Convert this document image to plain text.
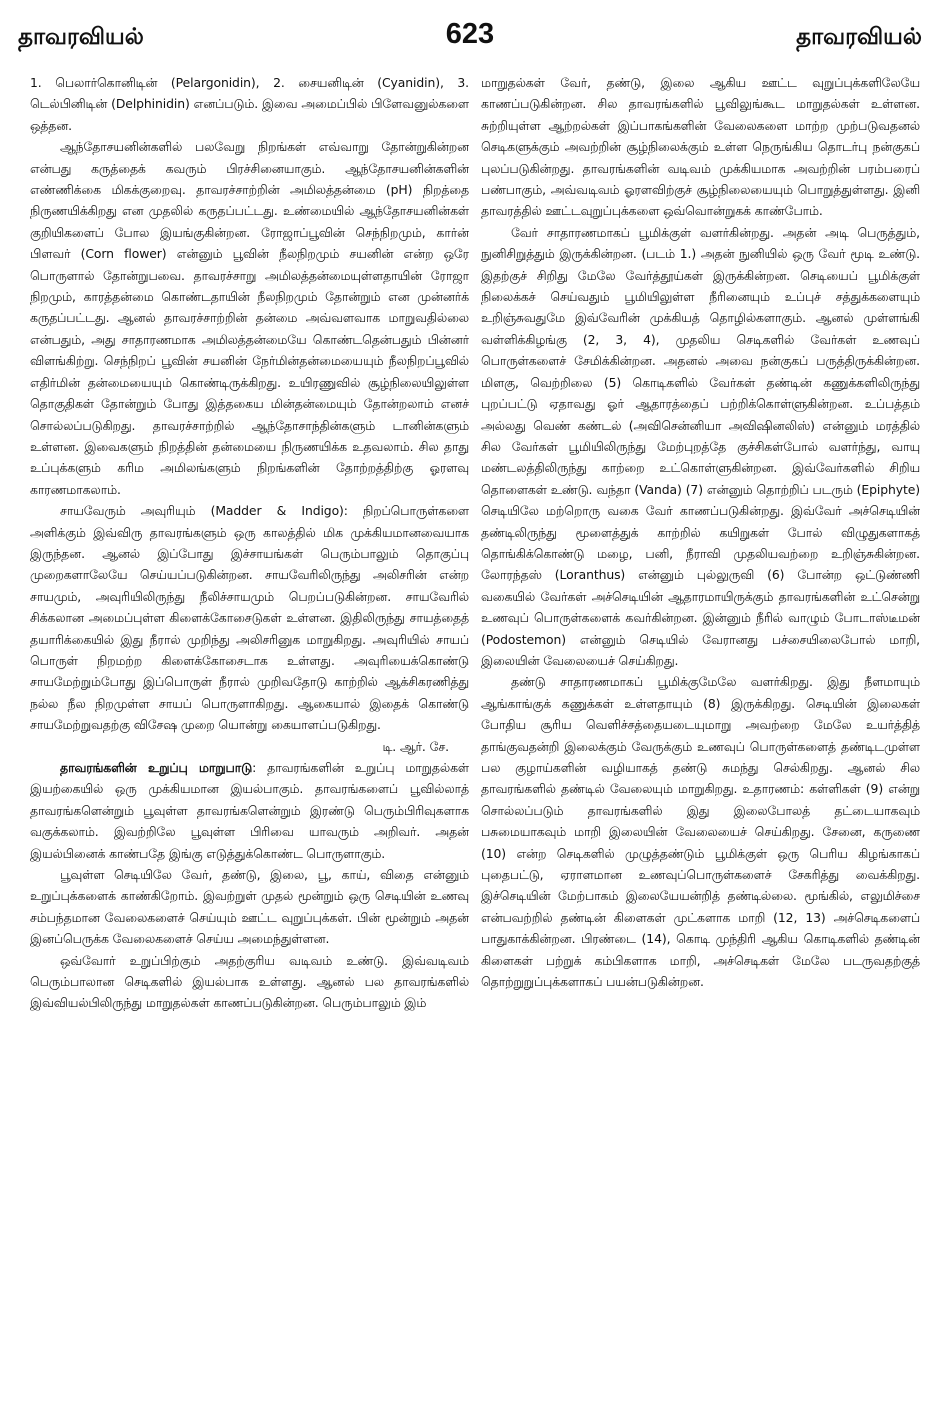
தாவரவியல்	623	தாவரவியல்

1. பெலார்கொனிடின் (Pelargonidin), 2. சையனிடின் (Cyanidin), 3. டெல்பினிடின் (Delphinidin) எனப்படும். இவை அமைப்பில் பிளேவனுல்களை ஒத்தன.

ஆந்தோசயனின்களில் பலவேறு நிறங்கள் எவ்வாறு தோன்றுகின்றன என்பது கருத்தைக் கவரும் பிரச்சினையாகும். ஆந்தோசயனின்களின் எண்ணிக்கை மிகக்குறைவு. தாவரச்சாற்றின் அமிலத்தன்மை (pH) நிறத்தை நிருணயிக்கிறது என முதலில் கருதப்பட்டது. உண்மையில் ஆந்தோசயனின்கள் குறியிகளைப் போல இயங்குகின்றன. ரோஜாப்பூவின் செந்நிறமும், கார்ன் பிளவர் (Corn flower) என்னும் பூவின் நீலநிறமும் சயனின் என்ற ஒரே பொருளால் தோன்றுபவை. தாவரச்சாறு அமிலத்தன்மையுள்ளதாயின் ரோஜா நிறமும், காரத்தன்மை கொண்டதாயின் நீலநிறமும் தோன்றும் என முன்னர்க் கருதப்பட்டது. ஆனல் தாவரச்சாற்றின் தன்மை அவ்வளவாக மாறுவதில்லை என்பதும், அது சாதாரணமாக அமிலத்தன்மையே கொண்டதென்பதும் பின்னர் விளங்கிற்று. செந்நிறப் பூவின் சயனின் நேர்மின்தன்மையையும் நீலநிறப்பூவில் எதிர்மின் தன்மையையும் கொண்டிருக்கிறது. உயிரணுவில் சூழ்நிலையிலுள்ள தொகுதிகள் தோன்றும் போது இத்தகைய மின்தன்மையும் தோன்றலாம் எனச் சொல்லப்படுகிறது. தாவரச்சாற்றில் ஆந்தோசாந்தின்களும் டானின்களும் உள்ளன. இவைகளும் நிறத்தின் தன்மையை நிருணயிக்க உதவலாம். சில தாது உப்புக்களும் கரிம அமிலங்களும் நிறங்களின் தோற்றத்திற்கு ஓரளவு காரணமாகலாம்.

சாயவேரும் அவுரியும் (Madder & Indigo): நிறப்பொருள்களை அளிக்கும் இவ்விரு தாவரங்களும் ஒரு காலத்தில் மிக முக்கியமானவையாக இருந்தன. ஆனல் இப்போது இச்சாயங்கள் பெரும்பாலும் தொகுப்பு முறைகளாலேயே செய்யப்படுகின்றன. சாயவேரிலிருந்து அலிசரின் என்ற சாயமும், அவுரியிலிருந்து நீலிச்சாயமும் பெறப்படுகின்றன. சாயவேரில் சிக்கலான அமைப்புள்ள கிளைக்கோசைடுகள் உள்ளன. இதிலிருந்து சாயத்தைத் தயாரிக்கையில் இது நீரால் முறிந்து அலிசரினுக மாறுகிறது. அவுரியில் சாயப் பொருள் நிறமற்ற கிளைக்கோசைடாக உள்ளது. அவுரியைக்கொண்டு சாயமேற்றும்போது இப்பொருள் நீரால் முறிவதோடு காற்றில் ஆக்சிகரணித்து நல்ல நீல நிறமுள்ள சாயப் பொருளாகிறது. ஆகையால் இதைக் கொண்டு சாயமேற்றுவதற்கு விசேஷ முறை யொன்று கையாளப்படுகிறது.

டி. ஆர். சே.

தாவரங்களின் உறுப்பு மாறுபாடு: தாவரங்களின் உறுப்பு மாறுதல்கள் இயற்கையில் ஒரு முக்கியமான இயல்பாகும். தாவரங்களைப் பூவில்லாத் தாவரங்களென்றும் பூவுள்ள தாவரங்களென்றும் இரண்டு பெரும்பிரிவுகளாக வகுக்கலாம். இவற்றிலே பூவுள்ள பிரிவை யாவரும் அறிவர். அதன் இயல்பினைக் காண்பதே இங்கு எடுத்துக்கொண்ட பொருளாகும்.

பூவுள்ள செடியிலே வேர், தண்டு, இலை, பூ, காய், விதை என்னும் உறுப்புக்களைக் காண்கிறோம். இவற்றுள் முதல் மூன்றும் ஒரு செடியின் உணவு சம்பந்தமான வேலைகளைச் செய்யும் ஊட்ட வுறுப்புக்கள். பின் மூன்றும் அதன் இனப்பெருக்க வேலைகளைச் செய்ய அமைந்துள்ளன.

ஒவ்வோர் உறுப்பிற்கும் அதற்குரிய வடிவம் உண்டு. இவ்வடிவம் பெரும்பாலான செடிகளில் இயல்பாக உள்ளது. ஆனல் பல தாவரங்களில் இவ்வியல்பிலிருந்து மாறுதல்கள் காணப்படுகின்றன. பெரும்பாலும் இம்

மாறுதல்கள் வேர், தண்டு, இலை ஆகிய ஊட்ட வுறுப்புக்களிலேயே காணப்படுகின்றன. சில தாவரங்களில் பூவிலுங்கூட மாறுதல்கள் உள்ளன. சுற்றியுள்ள ஆற்றல்கள் இப்பாகங்களின் வேலைகளை மாற்ற முற்படுவதனல் செடிகளுக்கும் அவற்றின் சூழ்நிலைக்கும் உள்ள நெருங்கிய தொடர்பு நன்குகப் புலப்படுகின்றது. தாவரங்களின் வடிவம் முக்கியமாக அவற்றின் பரம்பரைப் பண்பாகும், அவ்வடிவம் ஓரளவிற்குச் சூழ்நிலையையும் பொறுத்துள்ளது. இனி தாவரத்தில் ஊட்டவுறுப்புக்களை ஒவ்வொன்றுகக் காண்போம்.

வேர் சாதாரணமாகப் பூமிக்குள் வளர்கின்றது. அதன் அடி பெருத்தும், நுனிசிறுத்தும் இருக்கின்றன. (படம் 1.) அதன் நுனியில் ஒரு வேர் மூடி உண்டு. இதற்குச் சிறிது மேலே வேர்த்தூய்கள் இருக்கின்றன. செடியைப் பூமிக்குள் நிலைக்கச் செய்வதும் பூமியிலுள்ள நீரினையும் உப்புச் சத்துக்களையும் உறிஞ்சுவதுமே இவ்வேரின் முக்கியத் தொழில்களாகும். ஆனல் முள்ளங்கி வள்ளிக்கிழங்கு (2, 3, 4), முதலிய செடிகளில் வேர்கள் உணவுப் பொருள்களைச் சேமிக்கின்றன. அதனல் அவை நன்குகப் பருத்திருக்கின்றன. மிளகு, வெற்றிலை (5) கொடிகளில் வேர்கள் தண்டின் கணுக்களிலிருந்து புறப்பட்டு ஏதாவது ஓர் ஆதாரத்தைப் பற்றிக்கொள்ளுகின்றன. உப்பத்தம் அல்லது வெண் கண்டல் (அவிசென்னியா அவிஷினலிஸ்) என்னும் மரத்தில் சில வேர்கள் பூமியிலிருந்து மேற்புறத்தே குச்சிகள்போல் வளர்ந்து, வாயு மண்டலத்திலிருந்து காற்றை உட்கொள்ளுகின்றன. இவ்வேர்களில் சிறிய தொளைகள் உண்டு. வந்தா (Vanda) (7) என்னும் தொற்றிப் படரும் (Epiphyte) செடியிலே மற்றொரு வகை வேர் காணப்படுகின்றது. இவ்வேர் அச்செடியின் தண்டிலிருந்து மூளைத்துக் காற்றில் கயிறுகள் போல் விழுதுகளாகத் தொங்கிக்கொண்டு மழை, பனி, நீராவி முதலியவற்றை உறிஞ்சுகின்றன. லோரந்தஸ் (Loranthus) என்னும் புல்லுருவி (6) போன்ற ஒட்டுண்ணி வகையில் வேர்கள் அச்செடியின் ஆதாரமாயிருக்கும் தாவரங்களின் உட்சென்று உணவுப் பொருள்களைக் கவர்கின்றன. இன்னும் நீரில் வாழும் போடாஸ்டீமன் (Podostemon) என்னும் செடியில் வேரானது பச்சையிலைபோல் மாறி, இலையின் வேலையைச் செய்கிறது.

தண்டு சாதாரணமாகப் பூமிக்குமேலே வளர்கிறது. இது நீளமாயும் ஆங்காங்குக் கணுக்கள் உள்ளதாயும் (8) இருக்கிறது. செடியின் இலைகள் போதிய சூரிய வெளிச்சத்தையடையுமாறு அவற்றை மேலே உயர்த்தித் தாங்குவதன்றி இலைக்கும் வேருக்கும் உணவுப் பொருள்களைத் தண்டிடமுள்ள பல குழாய்களின் வழியாகத் தண்டு சுமந்து செல்கிறது. ஆனல் சில தாவரங்களில் தண்டில் வேலையும் மாறுகிறது. உதாரணம்: கள்ளிகள் (9) என்று சொல்லப்படும் தாவரங்களில் இது இலைபோலத் தட்டையாகவும் பசுமையாகவும் மாறி இலையின் வேலையைச் செய்கிறது. சேனை, கருணை (10) என்ற செடிகளில் முழுத்தண்டும் பூமிக்குள் ஒரு பெரிய கிழங்காகப் புதைபட்டு, ஏராளமான உணவுப்பொருள்களைச் சேகரித்து வைக்கிறது. இச்செடியின் மேற்பாகம் இலையேயன்றித் தண்டில்லை. மூங்கில், எலுமிச்சை என்பவற்றில் தண்டின் கிளைகள் முட்களாக மாறி (12, 13) அச்செடிகளைப் பாதுகாக்கின்றன. பிரண்டை (14), கொடி முந்திரி ஆகிய கொடிகளில் தண்டின் கிளைகள் பற்றுக் கம்பிகளாக மாறி, அச்செடிகள் மேலே படருவதற்குத் தொற்றுறுப்புக்களாகப் பயன்படுகின்றன.
